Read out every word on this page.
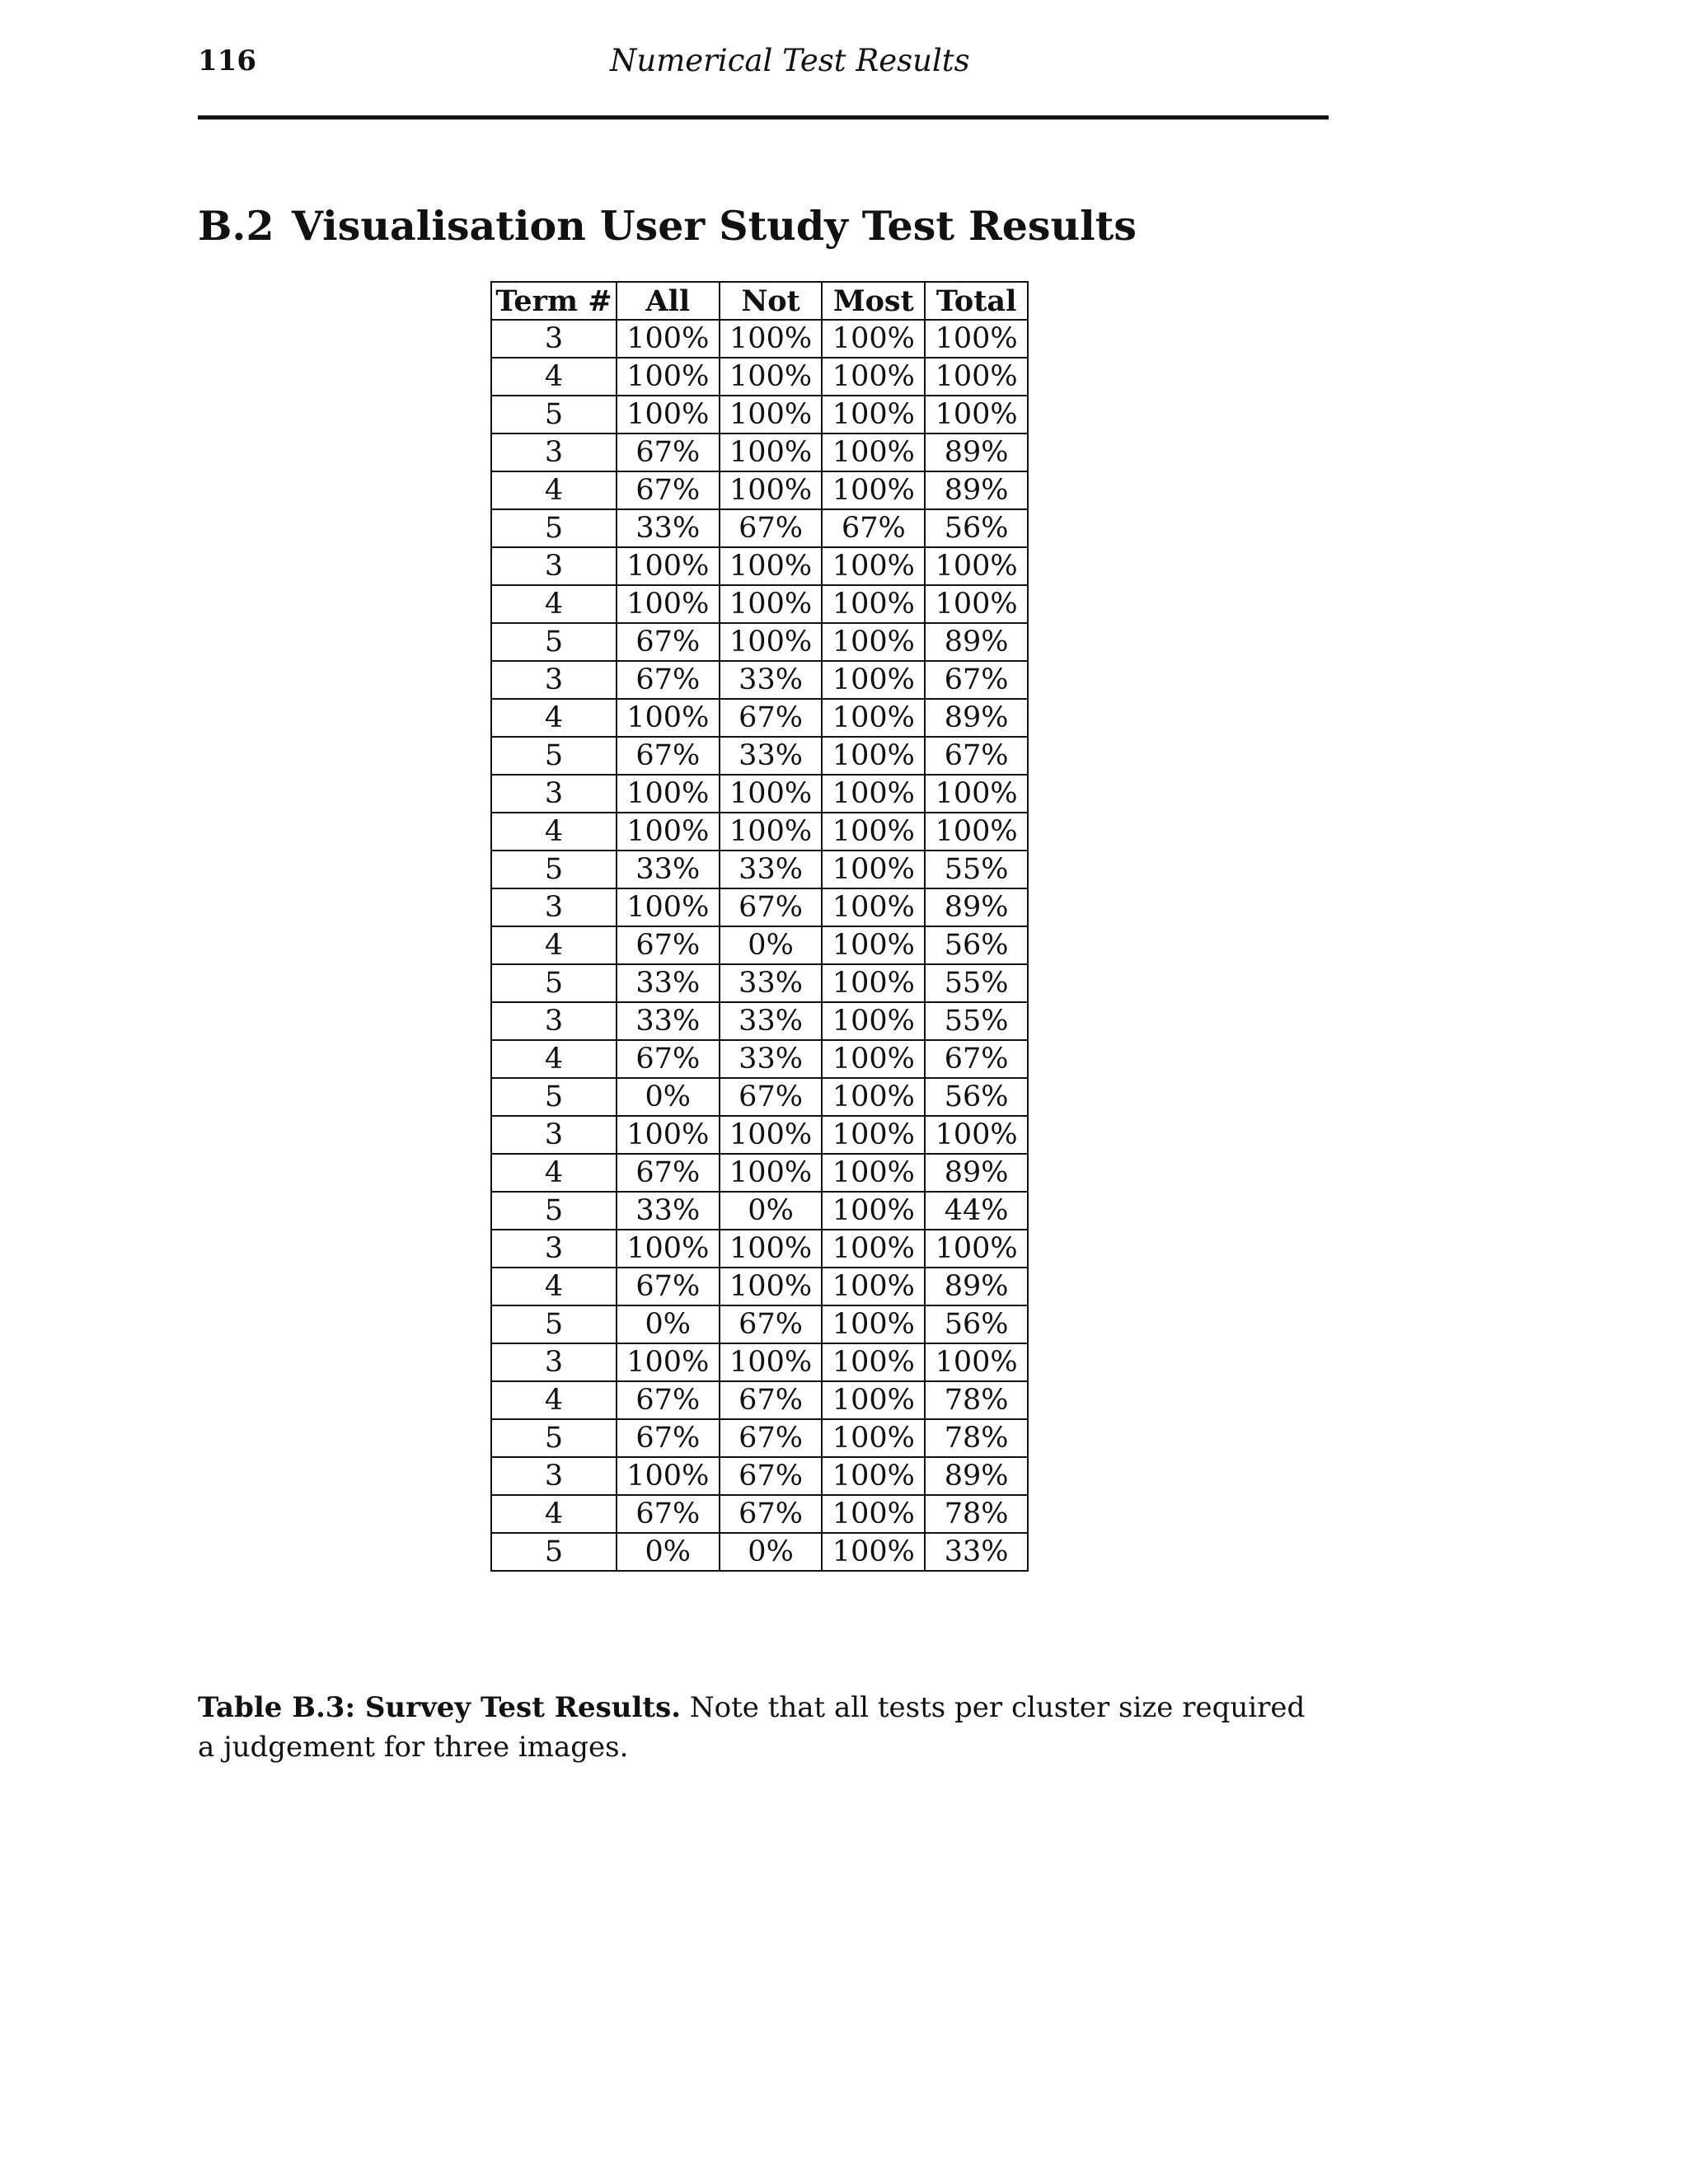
116	Numerical Test Results
B.2 Visualisation User Study Test Results
Term #	All	Not	Most	Total
3	100%	100%	100%	100%
4	100%	100%	100%	100%
5	100%	100%	100%	100%
3	67%	100%	100%	89%
4	67%	100%	100%	89%
5	33%	67%	67%	56%
3	100%	100%	100%	100%
4	100%	100%	100%	100%
5	67%	100%	100%	89%
3	67%	33%	100%	67%
4	100%	67%	100%	89%
5	67%	33%	100%	67%
3	100%	100%	100%	100%
4	100%	100%	100%	100%
5	33%	33%	100%	55%
3	100%	67%	100%	89%
4	67%	0%	100%	56%
5	33%	33%	100%	55%
3	33%	33%	100%	55%
4	67%	33%	100%	67%
5	0%	67%	100%	56%
3	100%	100%	100%	100%
4	67%	100%	100%	89%
5	33%	0%	100%	44%
3	100%	100%	100%	100%
4	67%	100%	100%	89%
5	0%	67%	100%	56%
3	100%	100%	100%	100%
4	67%	67%	100%	78%
5	67%	67%	100%	78%
3	100%	67%	100%	89%
4	67%	67%	100%	78%
5	0%	0%	100%	33%

Table B.3: Survey Test Results. Note that all tests per cluster size required a judgement for three images.
